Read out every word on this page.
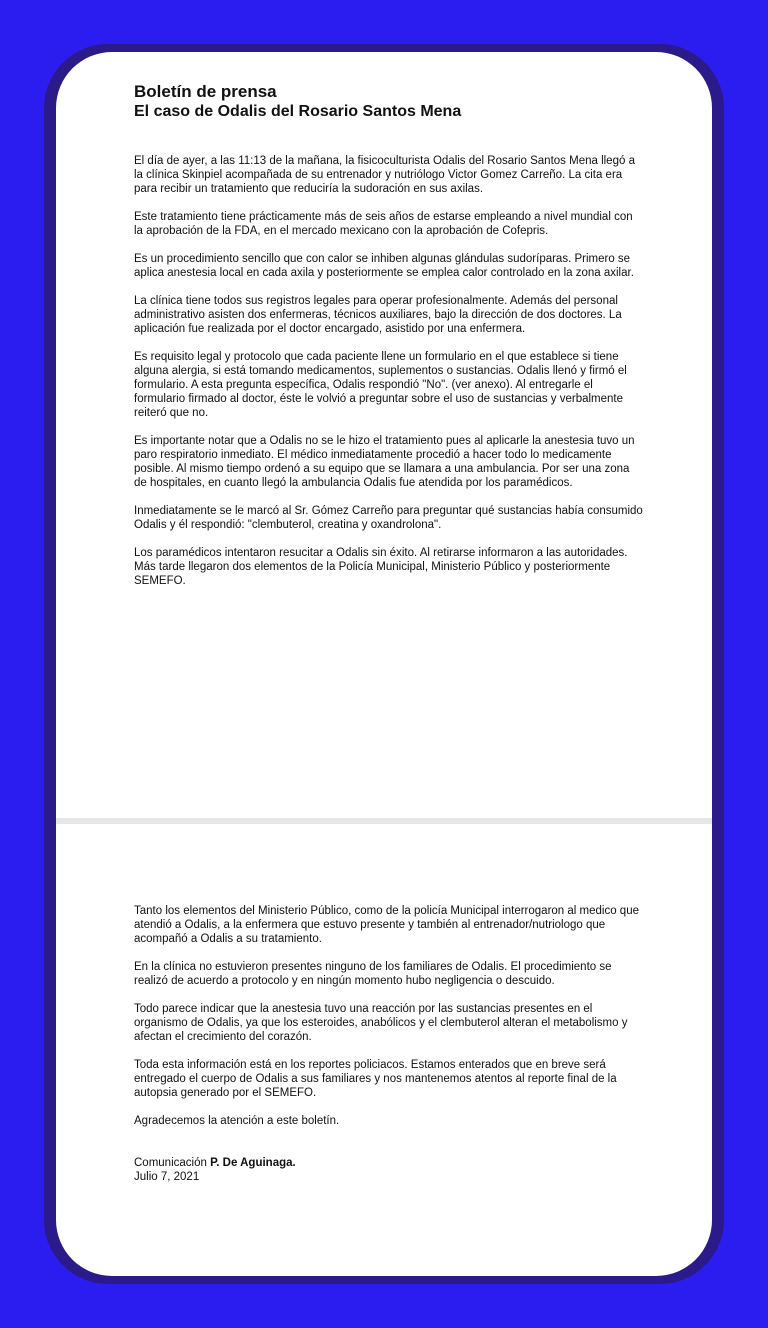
Boletín de prensa
El caso de Odalis del Rosario Santos Mena

El día de ayer, a las 11:13 de la mañana, la fisicoculturista Odalis del Rosario Santos Mena llegó a la clínica Skinpiel acompañada de su entrenador y nutriólogo Victor Gomez Carreño. La cita era para recibir un tratamiento que reduciría la sudoración en sus axilas.

Este tratamiento tiene prácticamente más de seis años de estarse empleando a nivel mundial con la aprobación de la FDA, en el mercado mexicano con la aprobación de Cofepris.

Es un procedimiento sencillo que con calor se inhiben algunas glándulas sudoríparas. Primero se aplica anestesia local en cada axila y posteriormente se emplea calor controlado en la zona axilar.

La clínica tiene todos sus registros legales para operar profesionalmente. Además del personal administrativo asisten dos enfermeras, técnicos auxiliares, bajo la dirección de dos doctores. La aplicación fue realizada por el doctor encargado, asistido por una enfermera.

Es requisito legal y protocolo que cada paciente llene un formulario en el que establece si tiene alguna alergia, si está tomando medicamentos, suplementos o sustancias. Odalis llenó y firmó el formulario. A esta pregunta específica, Odalis respondió "No". (ver anexo). Al entregarle el formulario firmado al doctor, éste le volvió a preguntar sobre el uso de sustancias y verbalmente reiteró que no.

Es importante notar que a Odalis no se le hizo el tratamiento pues al aplicarle la anestesia tuvo un paro respiratorio inmediato. El médico inmediatamente procedió a hacer todo lo medicamente posible. Al mismo tiempo ordenó a su equipo que se llamara a una ambulancia. Por ser una zona de hospitales, en cuanto llegó la ambulancia Odalis fue atendida por los paramédicos.

Inmediatamente se le marcó al Sr. Gómez Carreño para preguntar qué sustancias había consumido Odalis y él respondió: "clembuterol, creatina y oxandrolona".

Los paramédicos intentaron resucitar a Odalis sin éxito. Al retirarse informaron a las autoridades. Más tarde llegaron dos elementos de la Policía Municipal, Ministerio Público y posteriormente SEMEFO.

Tanto los elementos del Ministerio Público, como de la policía Municipal interrogaron al medico que atendió a Odalis, a la enfermera que estuvo presente y también al entrenador/nutriologo que acompañó a Odalis a su tratamiento.

En la clínica no estuvieron presentes ninguno de los familiares de Odalis. El procedimiento se realizó de acuerdo a protocolo y en ningún momento hubo negligencia o descuido.

Todo parece indicar que la anestesia tuvo una reacción por las sustancias presentes en el organismo de Odalis, ya que los esteroides, anabólicos y el clembuterol alteran el metabolismo y afectan el crecimiento del corazón.

Toda esta información está en los reportes policiacos. Estamos enterados que en breve será entregado el cuerpo de Odalis a sus familiares y nos mantenemos atentos al reporte final de la autopsia generado por el SEMEFO.

Agradecemos la atención a este boletín.

Comunicación P. De Aguinaga.

Julio 7, 2021
